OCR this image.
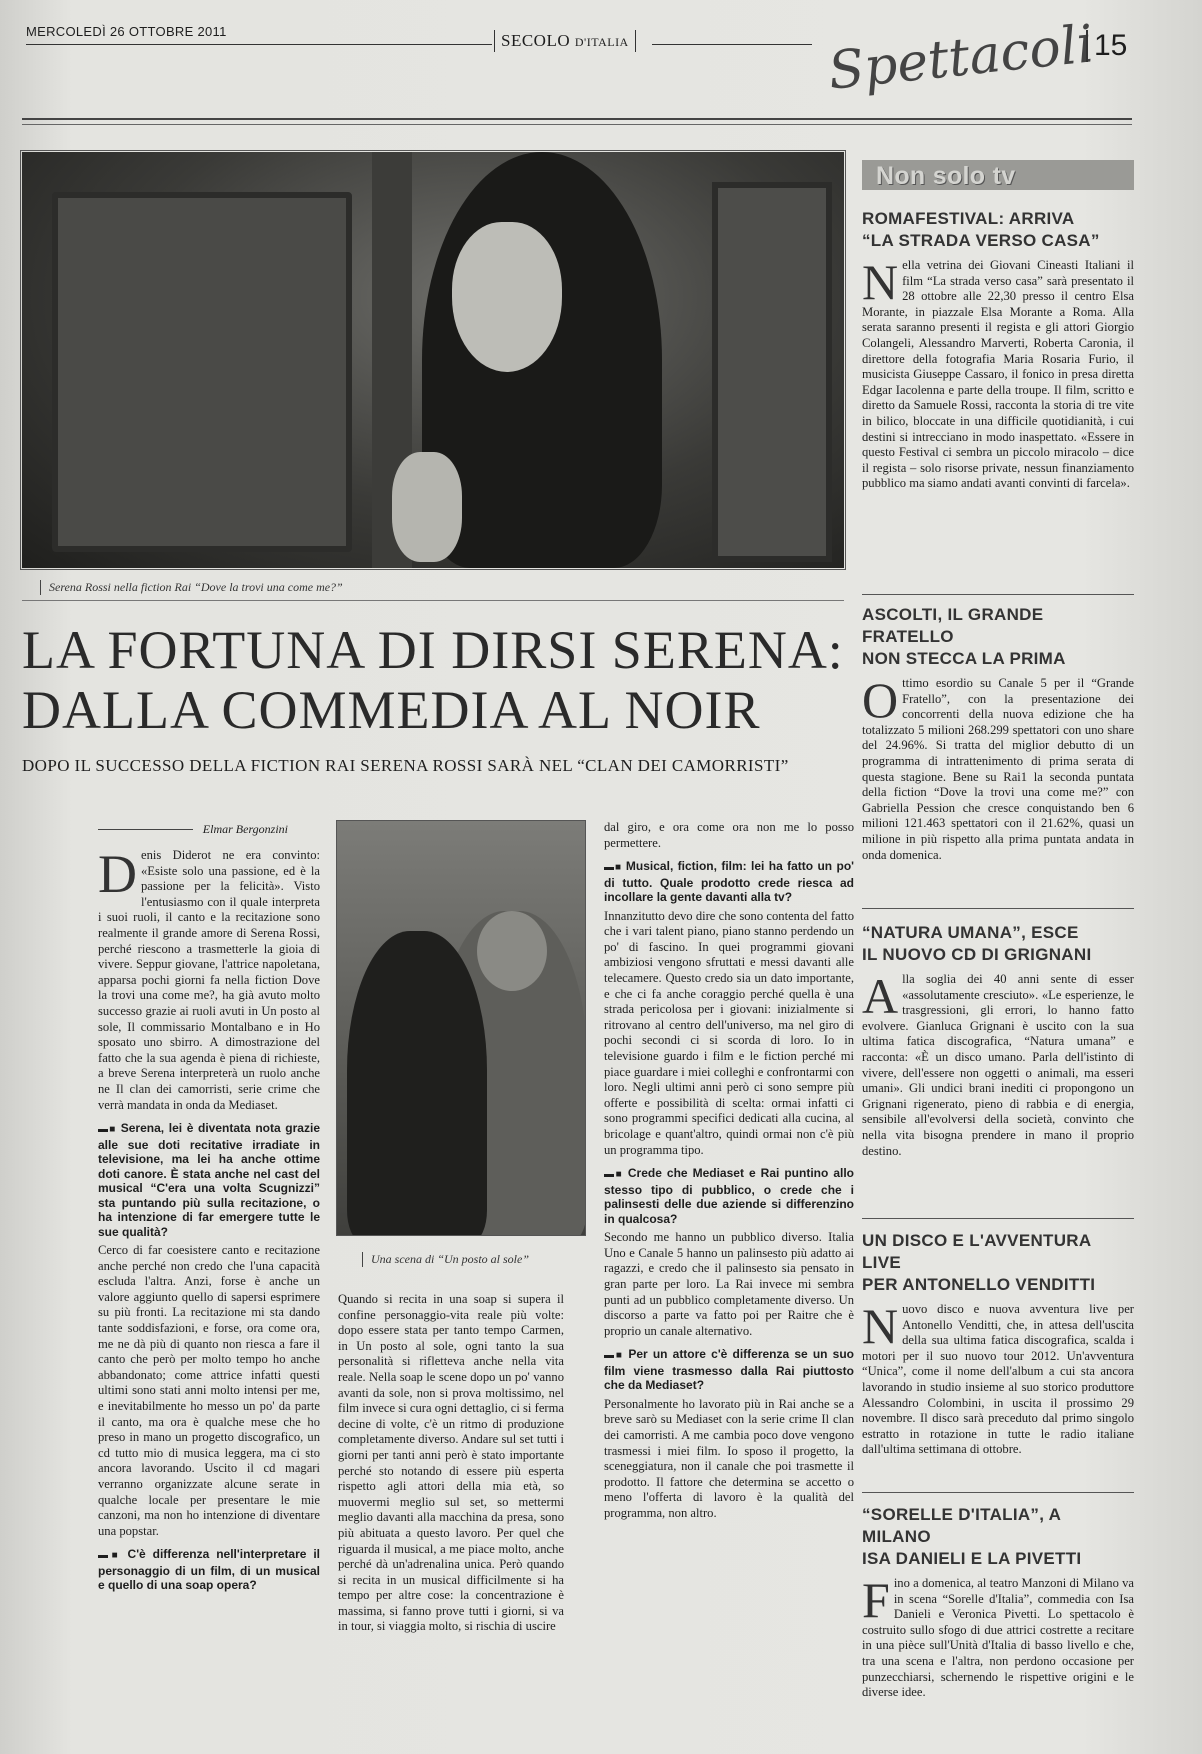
MERCOLEDÌ 26 OTTOBRE 2011	SECOLO D'ITALIA	Spettacoli
15
Serena Rossi nella fiction Rai “Dove la trovi una come me?”
LA FORTUNA DI DIRSI SERENA:
DALLA COMMEDIA AL NOIR
DOPO IL SUCCESSO DELLA FICTION RAI SERENA ROSSI SARÀ NEL “CLAN DEI CAMORRISTI”
Elmar Bergonzini

Denis Diderot ne era convinto: «Esiste solo una passione, ed è la passione per la felicità». Visto l'entusiasmo con il quale interpreta i suoi ruoli, il canto e la recitazione sono realmente il grande amore di Serena Rossi, perché riescono a trasmetterle la gioia di vivere. Seppur giovane, l'attrice napoletana, apparsa pochi giorni fa nella fiction Dove la trovi una come me?, ha già avuto molto successo grazie ai ruoli avuti in Un posto al sole, Il commissario Montalbano e in Ho sposato uno sbirro. A dimostrazione del fatto che la sua agenda è piena di richieste, a breve Serena interpreterà un ruolo anche ne Il clan dei camorristi, serie crime che verrà mandata in onda da Mediaset.

▬■ Serena, lei è diventata nota grazie alle sue doti recitative irradiate in televisione, ma lei ha anche ottime doti canore. È stata anche nel cast del musical “C'era una volta Scugnizzi” sta puntando più sulla recitazione, o ha intenzione di far emergere tutte le sue qualità?

Cerco di far coesistere canto e recitazione anche perché non credo che l'una capacità escluda l'altra. Anzi, forse è anche un valore aggiunto quello di sapersi esprimere su più fronti. La recitazione mi sta dando tante soddisfazioni, e forse, ora come ora, me ne dà più di quanto non riesca a fare il canto che però per molto tempo ho anche abbandonato; come attrice infatti questi ultimi sono stati anni molto intensi per me, e inevitabilmente ho messo un po' da parte il canto, ma ora è qualche mese che ho preso in mano un progetto discografico, un cd tutto mio di musica leggera, ma ci sto ancora lavorando. Uscito il cd magari verranno organizzate alcune serate in qualche locale per presentare le mie canzoni, ma non ho intenzione di diventare una popstar.

▬■ C'è differenza nell'interpretare il personaggio di un film, di un musical e quello di una soap opera?
Una scena di “Un posto al sole”

Quando si recita in una soap si supera il confine personaggio-vita reale più volte: dopo essere stata per tanto tempo Carmen, in Un posto al sole, ogni tanto la sua personalità si rifletteva anche nella vita reale. Nella soap le scene dopo un po' vanno avanti da sole, non si prova moltissimo, nel film invece si cura ogni dettaglio, ci si ferma decine di volte, c'è un ritmo di produzione completamente diverso. Andare sul set tutti i giorni per tanti anni però è stato importante perché sto notando di essere più esperta rispetto agli attori della mia età, so muovermi meglio sul set, so mettermi meglio davanti alla macchina da presa, sono più abituata a questo lavoro. Per quel che riguarda il musical, a me piace molto, anche perché dà un'adrenalina unica. Però quando si recita in un musical difficilmente si ha tempo per altre cose: la concentrazione è massima, si fanno prove tutti i giorni, si va in tour, si viaggia molto, si rischia di uscire

dal giro, e ora come ora non me lo posso permettere.

▬■ Musical, fiction, film: lei ha fatto un po' di tutto. Quale prodotto crede riesca ad incollare la gente davanti alla tv?

Innanzitutto devo dire che sono contenta del fatto che i vari talent piano, piano stanno perdendo un po' di fascino. In quei programmi giovani ambiziosi vengono sfruttati e messi davanti alle telecamere. Questo credo sia un dato importante, e che ci fa anche coraggio perché quella è una strada pericolosa per i giovani: inizialmente si ritrovano al centro dell'universo, ma nel giro di pochi secondi ci si scorda di loro. Io in televisione guardo i film e le fiction perché mi piace guardare i miei colleghi e confrontarmi con loro. Negli ultimi anni però ci sono sempre più offerte e possibilità di scelta: ormai infatti ci sono programmi specifici dedicati alla cucina, al bricolage e quant'altro, quindi ormai non c'è più un programma tipo.

▬■ Crede che Mediaset e Rai puntino allo stesso tipo di pubblico, o crede che i palinsesti delle due aziende si differenzino in qualcosa?

Secondo me hanno un pubblico diverso. Italia Uno e Canale 5 hanno un palinsesto più adatto ai ragazzi, e credo che il palinsesto sia pensato in gran parte per loro. La Rai invece mi sembra punti ad un pubblico completamente diverso. Un discorso a parte va fatto poi per Raitre che è proprio un canale alternativo.

▬■ Per un attore c'è differenza se un suo film viene trasmesso dalla Rai piuttosto che da Mediaset?

Personalmente ho lavorato più in Rai anche se a breve sarò su Mediaset con la serie crime Il clan dei camorristi. A me cambia poco dove vengono trasmessi i miei film. Io sposo il progetto, la sceneggiatura, non il canale che poi trasmette il prodotto. Il fattore che determina se accetto o meno l'offerta di lavoro è la qualità del programma, non altro.

Non solo tv
ROMAFESTIVAL: ARRIVA
“LA STRADA VERSO CASA”
Nella vetrina dei Giovani Cineasti Italiani il film “La strada verso casa” sarà presentato il 28 ottobre alle 22,30 presso il centro Elsa Morante, in piazzale Elsa Morante a Roma. Alla serata saranno presenti il regista e gli attori Giorgio Colangeli, Alessandro Marverti, Roberta Caronia, il direttore della fotografia Maria Rosaria Furio, il musicista Giuseppe Cassaro, il fonico in presa diretta Edgar Iacolenna e parte della troupe. Il film, scritto e diretto da Samuele Rossi, racconta la storia di tre vite in bilico, bloccate in una difficile quotidianità, i cui destini si intrecciano in modo inaspettato. «Essere in questo Festival ci sembra un piccolo miracolo – dice il regista – solo risorse private, nessun finanziamento pubblico ma siamo andati avanti convinti di farcela».
ASCOLTI, IL GRANDE FRATELLO
NON STECCA LA PRIMA
Ottimo esordio su Canale 5 per il “Grande Fratello”, con la presentazione dei concorrenti della nuova edizione che ha totalizzato 5 milioni 268.299 spettatori con uno share del 24.96%. Si tratta del miglior debutto di un programma di intrattenimento di prima serata di questa stagione. Bene su Rai1 la seconda puntata della fiction “Dove la trovi una come me?” con Gabriella Pession che cresce conquistando ben 6 milioni 121.463 spettatori con il 21.62%, quasi un milione in più rispetto alla prima puntata andata in onda domenica.
“NATURA UMANA”, ESCE
IL NUOVO CD DI GRIGNANI
Alla soglia dei 40 anni sente di esser «assolutamente cresciuto». «Le esperienze, le trasgressioni, gli errori, lo hanno fatto evolvere. Gianluca Grignani è uscito con la sua ultima fatica discografica, “Natura umana” e racconta: «È un disco umano. Parla dell'istinto di vivere, dell'essere non oggetti o animali, ma esseri umani». Gli undici brani inediti ci propongono un Grignani rigenerato, pieno di rabbia e di energia, sensibile all'evolversi della società, convinto che nella vita bisogna prendere in mano il proprio destino.
UN DISCO E L'AVVENTURA LIVE
PER ANTONELLO VENDITTI
Nuovo disco e nuova avventura live per Antonello Venditti, che, in attesa dell'uscita della sua ultima fatica discografica, scalda i motori per il suo nuovo tour 2012. Un'avventura “Unica”, come il nome dell'album a cui sta ancora lavorando in studio insieme al suo storico produttore Alessandro Colombini, in uscita il prossimo 29 novembre. Il disco sarà preceduto dal primo singolo estratto in rotazione in tutte le radio italiane dall'ultima settimana di ottobre.
“SORELLE D'ITALIA”, A MILANO
ISA DANIELI E LA PIVETTI
Fino a domenica, al teatro Manzoni di Milano va in scena “Sorelle d'Italia”, commedia con Isa Danieli e Veronica Pivetti. Lo spettacolo è costruito sullo sfogo di due attrici costrette a recitare in una pièce sull'Unità d'Italia di basso livello e che, tra una scena e l'altra, non perdono occasione per punzecchiarsi, schernendo le rispettive origini e le diverse idee.
